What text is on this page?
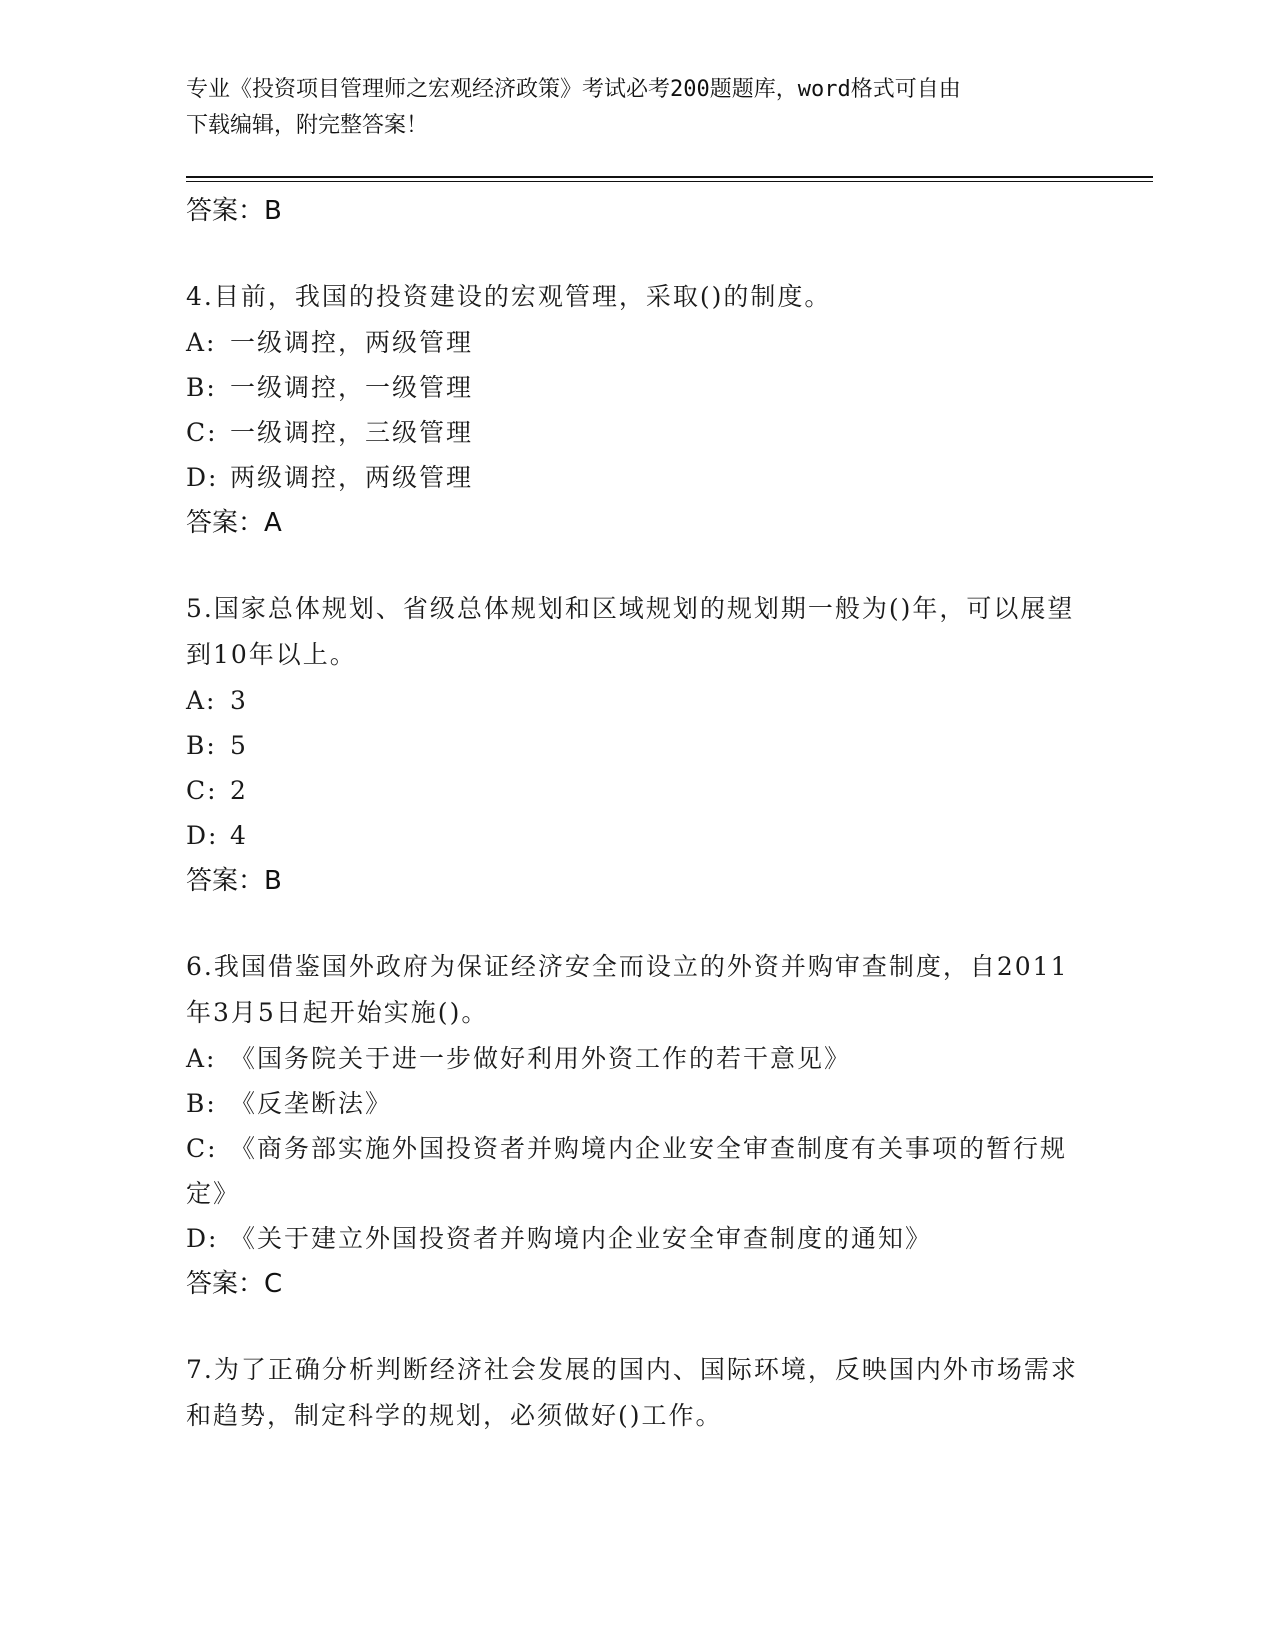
专业《投资项目管理师之宏观经济政策》考试必考200题题库，word格式可自由
下载编辑，附完整答案！
答案：B
4.目前，我国的投资建设的宏观管理，采取()的制度。
A: 一级调控，两级管理
B: 一级调控，一级管理
C: 一级调控，三级管理
D: 两级调控，两级管理
答案：A
5.国家总体规划、省级总体规划和区域规划的规划期一般为()年，可以展望到10年以上。
A: 3
B: 5
C: 2
D: 4
答案：B
6.我国借鉴国外政府为保证经济安全而设立的外资并购审查制度，自2011年3月5日起开始实施()。
A: 《国务院关于进一步做好利用外资工作的若干意见》
B: 《反垄断法》
C: 《商务部实施外国投资者并购境内企业安全审查制度有关事项的暂行规定》
D: 《关于建立外国投资者并购境内企业安全审查制度的通知》
答案：C
7.为了正确分析判断经济社会发展的国内、国际环境，反映国内外市场需求和趋势，制定科学的规划，必须做好()工作。
